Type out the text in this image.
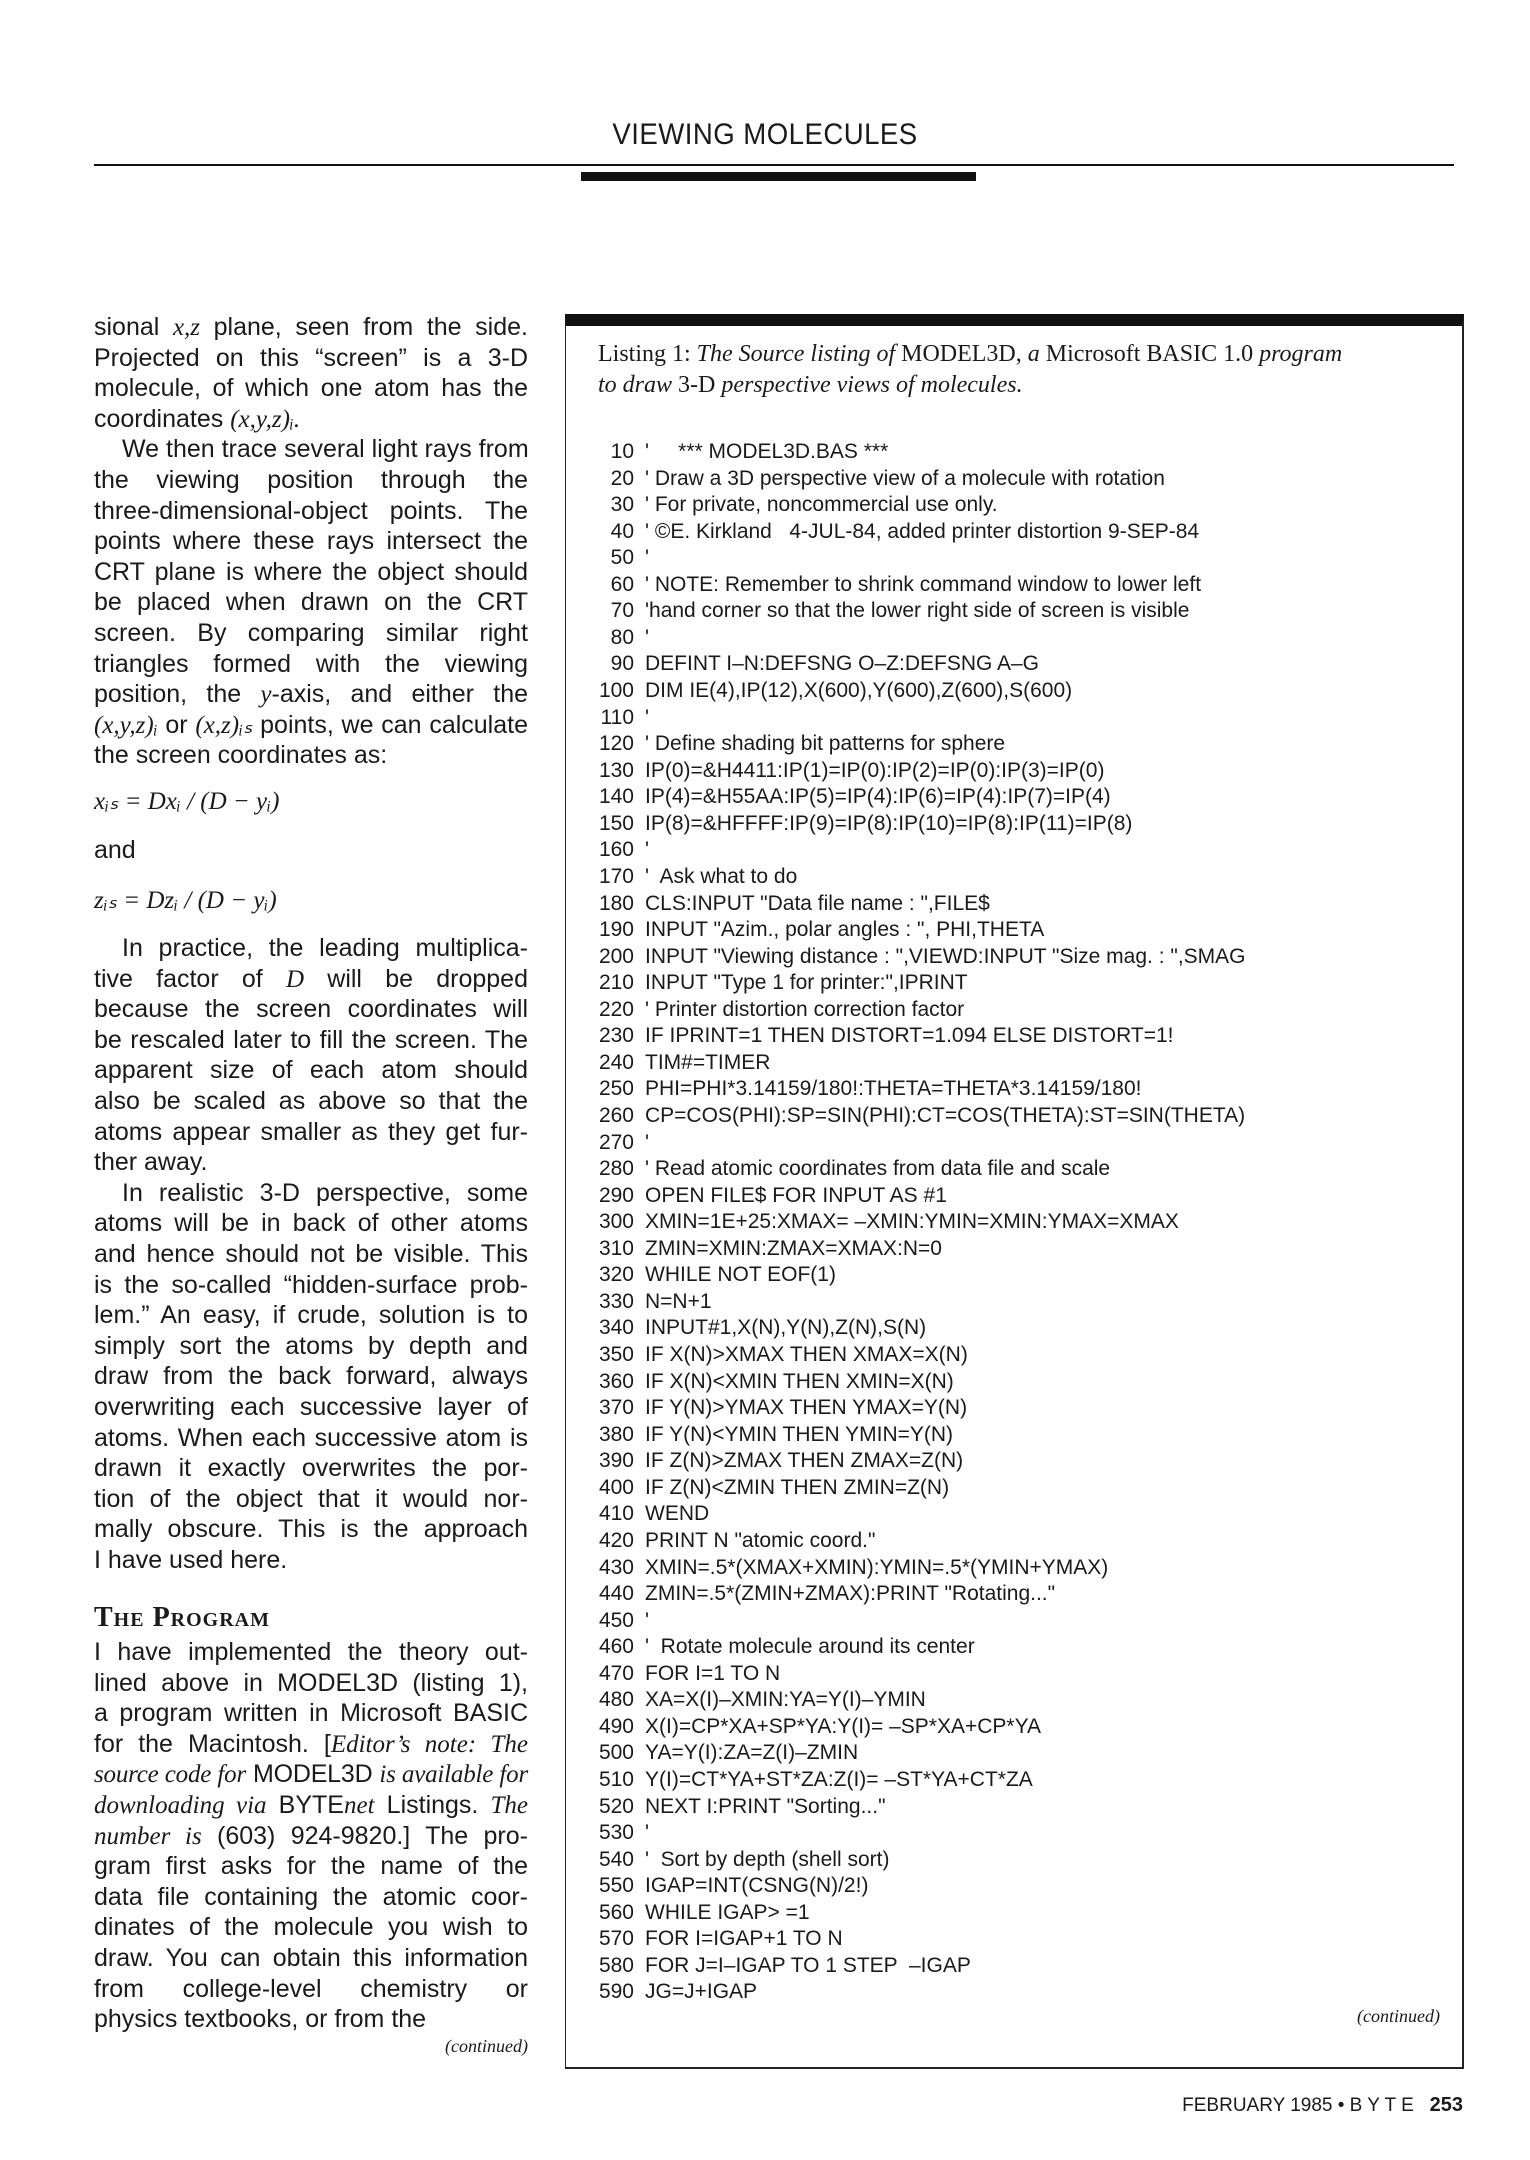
VIEWING MOLECULES
sional x,z plane, seen from the side.
Projected on this “screen” is a 3-D
molecule, of which one atom has the
coordinates (x,y,z)ᵢ.
We then trace several light rays from
the viewing position through the
three-dimensional-object points. The
points where these rays intersect the
CRT plane is where the object should
be placed when drawn on the CRT
screen. By comparing similar right
triangles formed with the viewing
position, the y-axis, and either the
(x,y,z)ᵢ or (x,z)ᵢₛ points, we can calculate
the screen coordinates as:
xᵢₛ = Dxᵢ / (D − yᵢ)
and
zᵢₛ = Dzᵢ / (D − yᵢ)
In practice, the leading multiplica-
tive factor of D will be dropped
because the screen coordinates will
be rescaled later to fill the screen. The
apparent size of each atom should
also be scaled as above so that the
atoms appear smaller as they get fur-
ther away.
In realistic 3-D perspective, some
atoms will be in back of other atoms
and hence should not be visible. This
is the so-called “hidden-surface prob-
lem.” An easy, if crude, solution is to
simply sort the atoms by depth and
draw from the back forward, always
overwriting each successive layer of
atoms. When each successive atom is
drawn it exactly overwrites the por-
tion of the object that it would nor-
mally obscure. This is the approach
I have used here.
The Program
I have implemented the theory out-
lined above in MODEL3D (listing 1),
a program written in Microsoft BASIC
for the Macintosh. [Editor’s note: The
source code for MODEL3D is available for
downloading via BYTEnet Listings. The
number is (603) 924-9820.] The pro-
gram first asks for the name of the
data file containing the atomic coor-
dinates of the molecule you wish to
draw. You can obtain this information
from college-level chemistry or
physics textbooks, or from the
(continued)
Listing 1: The Source listing of MODEL3D, a Microsoft BASIC 1.0 program
to draw 3-D perspective views of molecules.
10 '     *** MODEL3D.BAS ***
20 ' Draw a 3D perspective view of a molecule with rotation
30 ' For private, noncommercial use only.
40 ' ©E. Kirkland   4-JUL-84, added printer distortion 9-SEP-84
50 '
60 ' NOTE: Remember to shrink command window to lower left
70 'hand corner so that the lower right side of screen is visible
80 '
90 DEFINT I–N:DEFSNG O–Z:DEFSNG A–G
100 DIM IE(4),IP(12),X(600),Y(600),Z(600),S(600)
110 '
120 ' Define shading bit patterns for sphere
130 IP(0)=&H4411:IP(1)=IP(0):IP(2)=IP(0):IP(3)=IP(0)
140 IP(4)=&H55AA:IP(5)=IP(4):IP(6)=IP(4):IP(7)=IP(4)
150 IP(8)=&HFFFF:IP(9)=IP(8):IP(10)=IP(8):IP(11)=IP(8)
160 '
170 '  Ask what to do
180 CLS:INPUT "Data file name : ",FILE$
190 INPUT "Azim., polar angles : ", PHI,THETA
200 INPUT "Viewing distance : ",VIEWD:INPUT "Size mag. : ",SMAG
210 INPUT "Type 1 for printer:",IPRINT
220 ' Printer distortion correction factor
230 IF IPRINT=1 THEN DISTORT=1.094 ELSE DISTORT=1!
240 TIM#=TIMER
250 PHI=PHI*3.14159/180!:THETA=THETA*3.14159/180!
260 CP=COS(PHI):SP=SIN(PHI):CT=COS(THETA):ST=SIN(THETA)
270 '
280 ' Read atomic coordinates from data file and scale
290 OPEN FILE$ FOR INPUT AS #1
300 XMIN=1E+25:XMAX= –XMIN:YMIN=XMIN:YMAX=XMAX
310 ZMIN=XMIN:ZMAX=XMAX:N=0
320 WHILE NOT EOF(1)
330 N=N+1
340 INPUT#1,X(N),Y(N),Z(N),S(N)
350 IF X(N)>XMAX THEN XMAX=X(N)
360 IF X(N)<XMIN THEN XMIN=X(N)
370 IF Y(N)>YMAX THEN YMAX=Y(N)
380 IF Y(N)<YMIN THEN YMIN=Y(N)
390 IF Z(N)>ZMAX THEN ZMAX=Z(N)
400 IF Z(N)<ZMIN THEN ZMIN=Z(N)
410 WEND
420 PRINT N "atomic coord."
430 XMIN=.5*(XMAX+XMIN):YMIN=.5*(YMIN+YMAX)
440 ZMIN=.5*(ZMIN+ZMAX):PRINT "Rotating..."
450 '
460 '  Rotate molecule around its center
470 FOR I=1 TO N
480 XA=X(I)–XMIN:YA=Y(I)–YMIN
490 X(I)=CP*XA+SP*YA:Y(I)= –SP*XA+CP*YA
500 YA=Y(I):ZA=Z(I)–ZMIN
510 Y(I)=CT*YA+ST*ZA:Z(I)= –ST*YA+CT*ZA
520 NEXT I:PRINT "Sorting..."
530 '
540 '  Sort by depth (shell sort)
550 IGAP=INT(CSNG(N)/2!)
560 WHILE IGAP> =1
570 FOR I=IGAP+1 TO N
580 FOR J=I–IGAP TO 1 STEP  –IGAP
590 JG=J+IGAP
(continued)
FEBRUARY 1985 • B Y T E 253
